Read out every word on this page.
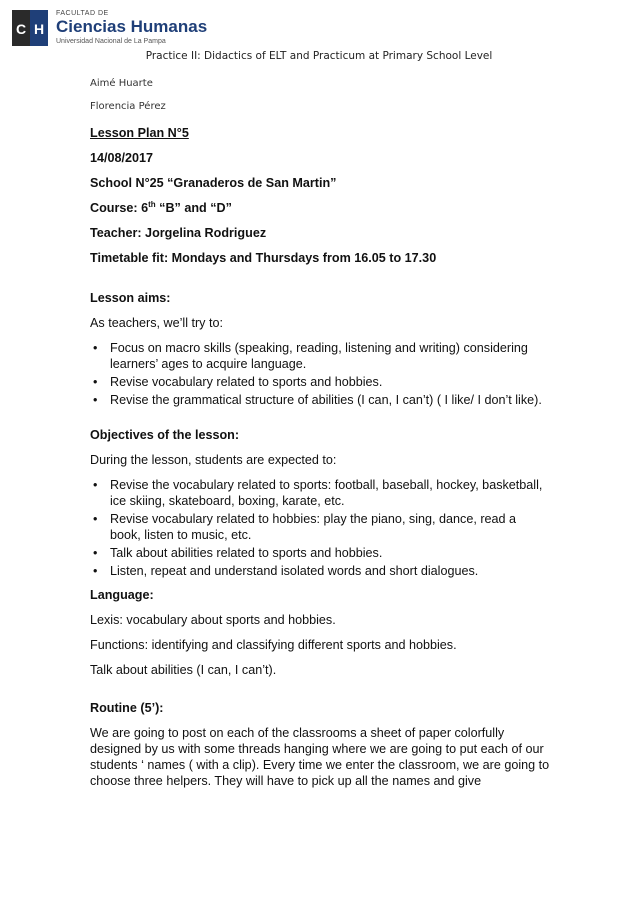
C H
FACULTAD DE
Ciencias Humanas
Universidad Nacional de La Pampa
Practice II: Didactics of ELT and Practicum at Primary School Level
Aimé Huarte
Florencia Pérez

Lesson Plan N°5

14/08/2017

School N°25 “Granaderos de San Martin”

Course: 6th “B” and “D”

Teacher: Jorgelina Rodriguez

Timetable fit: Mondays and Thursdays from 16.05 to 17.30

Lesson aims:

As teachers, we’ll try to:

• Focus on macro skills (speaking, reading, listening and writing) considering learners’ ages to acquire language.
• Revise vocabulary related to sports and hobbies.
• Revise the grammatical structure of abilities (I can, I can’t) ( I like/ I don’t like).

Objectives of the lesson:

During the lesson, students are expected to:

• Revise the vocabulary related to sports: football, baseball, hockey, basketball, ice skiing, skateboard, boxing, karate, etc.
• Revise vocabulary related to hobbies: play the piano, sing, dance, read a book, listen to music, etc.
• Talk about abilities related to sports and hobbies.
• Listen, repeat and understand isolated words and short dialogues.

Language:

Lexis: vocabulary about sports and hobbies.

Functions: identifying and classifying different sports and hobbies.

Talk about abilities (I can, I can’t).

Routine (5’):

We are going to post on each of the classrooms a sheet of paper colorfully designed by us with some threads hanging where we are going to put each of our students ‘ names ( with a clip). Every time we enter the classroom, we are going to choose three helpers. They will have to pick up all the names and give
